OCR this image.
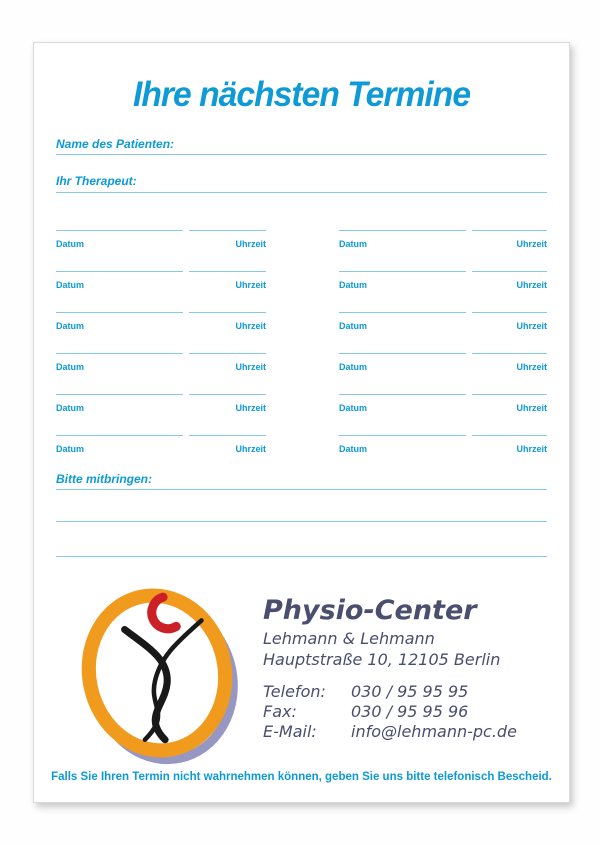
Ihre nächsten Termine
Name des Patienten:
Ihr Therapeut:
Datum	Uhrzeit
Datum	Uhrzeit
Datum	Uhrzeit
Datum	Uhrzeit
Datum	Uhrzeit
Datum	Uhrzeit
Datum	Uhrzeit
Datum	Uhrzeit
Datum	Uhrzeit
Datum	Uhrzeit
Datum	Uhrzeit
Datum	Uhrzeit
Bitte mitbringen:
Physio-Center
Lehmann & Lehmann
Hauptstraße 10, 12105 Berlin
Telefon:	030 / 95 95 95
Fax:	030 / 95 95 96
E-Mail:	info@lehmann-pc.de
Falls Sie Ihren Termin nicht wahrnehmen können, geben Sie uns bitte telefonisch Bescheid.
